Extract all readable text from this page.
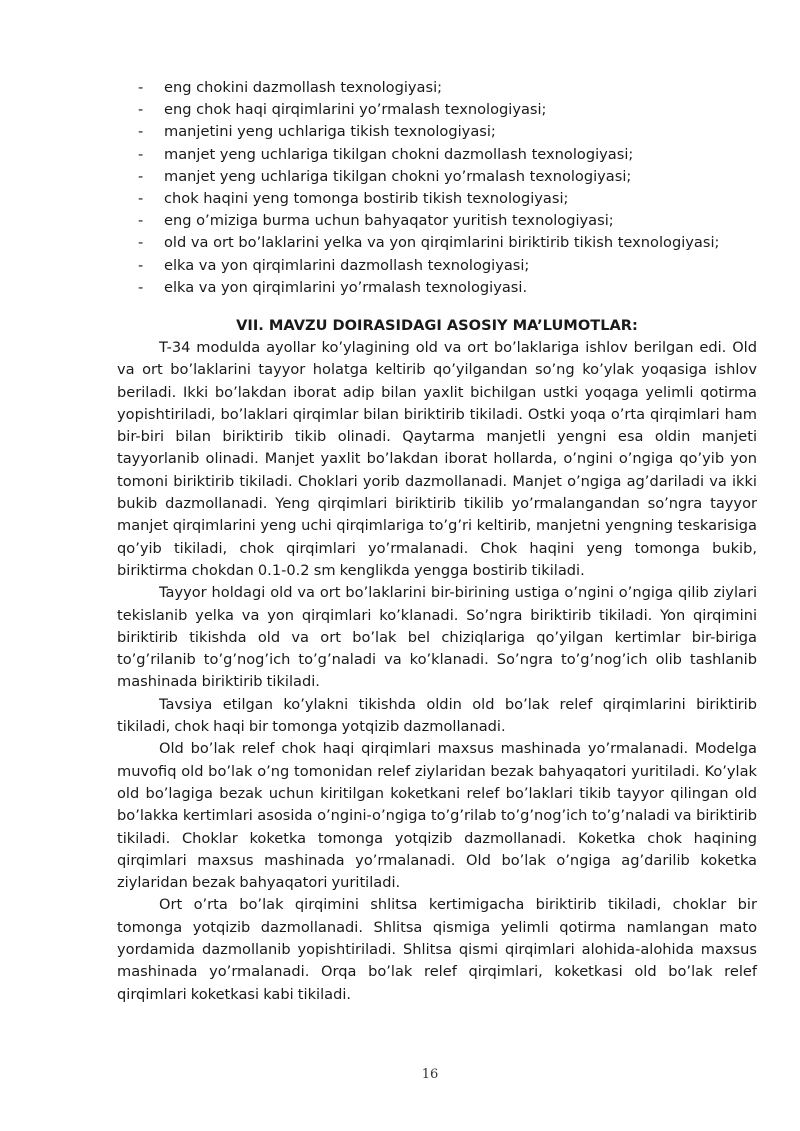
-	eng chokini dazmollash texnologiyasi;
-	eng chok haqi qirqimlarini yo’rmalash texnologiyasi;
-	manjetini yeng uchlariga tikish texnologiyasi;
-	manjet yeng uchlariga tikilgan chokni dazmollash texnologiyasi;
-	manjet yeng uchlariga tikilgan chokni yo’rmalash texnologiyasi;
-	chok haqini yeng tomonga bostirib tikish texnologiyasi;
-	eng o’miziga burma uchun bahyaqator yuritish texnologiyasi;
-	old va ort bo’laklarini yelka va yon qirqimlarini biriktirib tikish texnologiyasi;
-	elka va yon qirqimlarini dazmollash texnologiyasi;
-	elka va yon qirqimlarini yo’rmalash texnologiyasi.
VII. MAVZU DOIRASIDAGI ASOSIY MA’LUMOTLAR:

T-34 modulda ayollar ko’ylagining old va ort bo’laklariga ishlov berilgan edi. Old va ort bo’laklarini tayyor holatga keltirib qo’yilgandan so’ng ko’ylak yoqasiga ishlov beriladi. Ikki bo’lakdan iborat adip bilan yaxlit bichilgan ustki yoqaga yelimli qotirma yopishtiriladi, bo’laklari qirqimlar bilan biriktirib tikiladi. Ostki yoqa o’rta qirqimlari ham bir-biri bilan biriktirib tikib olinadi. Qaytarma manjetli yengni esa oldin manjeti tayyorlanib olinadi. Manjet yaxlit bo’lakdan iborat hollarda, o’ngini o’ngiga qo’yib yon tomoni biriktirib tikiladi. Choklari yorib dazmollanadi. Manjet o’ngiga ag’dariladi va ikki bukib dazmollanadi. Yeng qirqimlari biriktirib tikilib yo’rmalangandan so’ngra tayyor manjet qirqimlarini yeng uchi qirqimlariga to’g’ri keltirib, manjetni yengning teskarisiga qo’yib tikiladi, chok qirqimlari yo’rmalanadi. Chok haqini yeng tomonga bukib, biriktirma chokdan 0.1-0.2 sm kenglikda yengga bostirib tikiladi.

Tayyor holdagi old va ort bo’laklarini bir-birining ustiga o’ngini o’ngiga qilib ziylari tekislanib yelka va yon qirqimlari ko’klanadi. So’ngra biriktirib tikiladi. Yon qirqimini biriktirib tikishda old va ort bo’lak bel chiziqlariga qo’yilgan kertimlar bir-biriga to’g’rilanib to’g’nog’ich to’g’naladi va ko’klanadi. So’ngra to’g’nog’ich olib tashlanib mashinada biriktirib tikiladi.

Tavsiya etilgan ko’ylakni tikishda oldin old bo’lak relef qirqimlarini biriktirib tikiladi, chok haqi bir tomonga yotqizib dazmollanadi.

Old bo’lak relef chok haqi qirqimlari maxsus mashinada yo’rmalanadi. Modelga muvofiq old bo’lak o’ng tomonidan relef ziylaridan bezak bahyaqatori yuritiladi. Ko’ylak old bo’lagiga bezak uchun kiritilgan koketkani relef bo’laklari tikib tayyor qilingan old bo’lakka kertimlari asosida o’ngini-o’ngiga to’g’rilab to’g’nog’ich to’g’naladi va biriktirib tikiladi. Choklar koketka tomonga yotqizib dazmollanadi. Koketka chok haqining qirqimlari maxsus mashinada yo’rmalanadi. Old bo’lak o’ngiga ag’darilib koketka ziylaridan bezak bahyaqatori yuritiladi.

Ort o’rta bo’lak qirqimini shlitsa kertimigacha biriktirib tikiladi, choklar bir tomonga yotqizib dazmollanadi. Shlitsa qismiga yelimli qotirma namlangan mato yordamida dazmollanib yopishtiriladi. Shlitsa qismi qirqimlari alohida-alohida maxsus mashinada yo’rmalanadi. Orqa bo’lak relef qirqimlari, koketkasi old bo’lak relef qirqimlari koketkasi kabi tikiladi.

16
